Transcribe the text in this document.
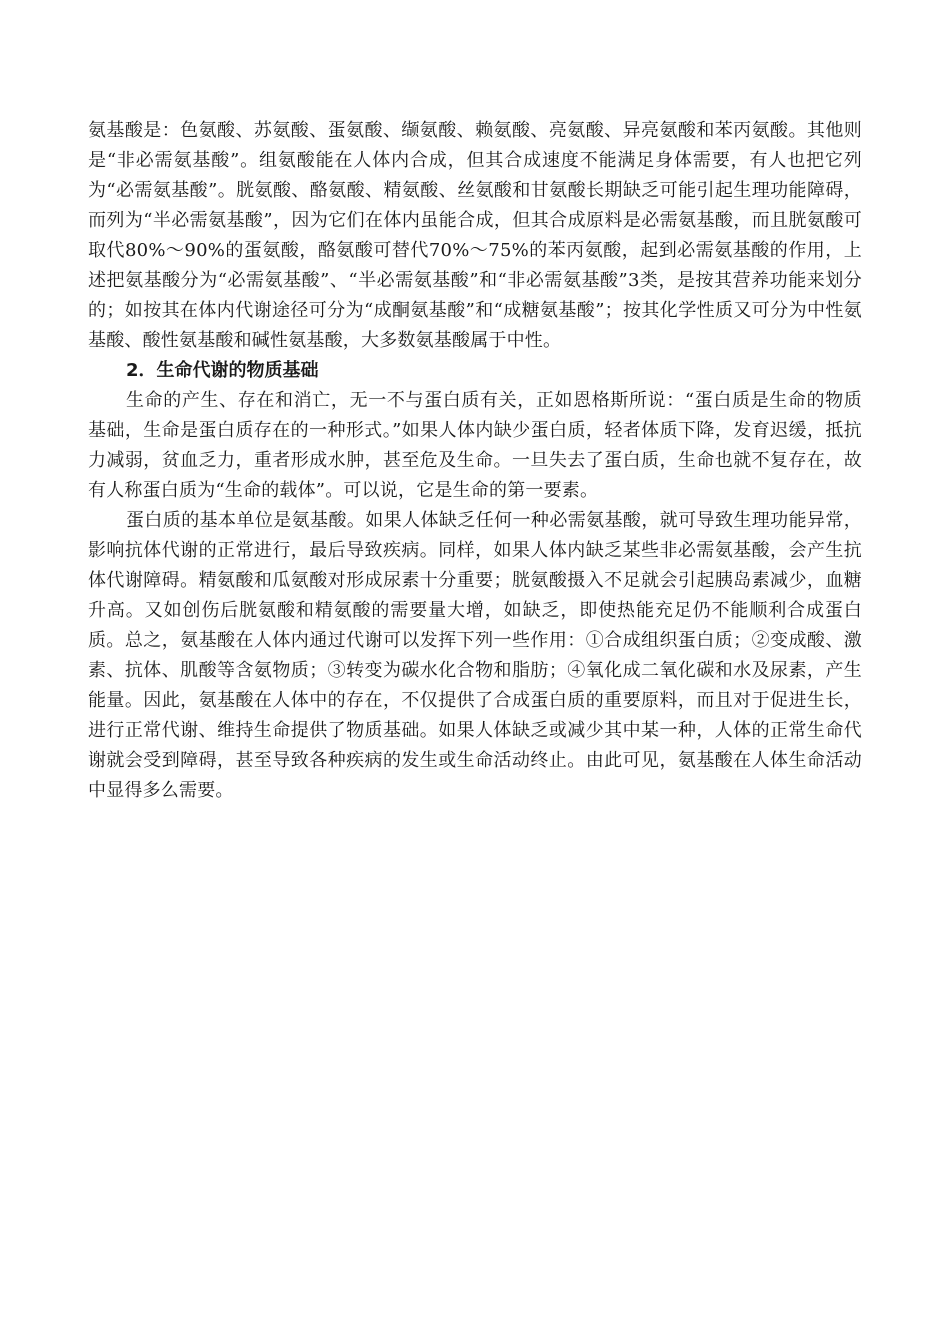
氨基酸是：色氨酸、苏氨酸、蛋氨酸、缬氨酸、赖氨酸、亮氨酸、异亮氨酸和苯丙氨酸。其他则是“非必需氨基酸”。组氨酸能在人体内合成，但其合成速度不能满足身体需要，有人也把它列为“必需氨基酸”。胱氨酸、酪氨酸、精氨酸、丝氨酸和甘氨酸长期缺乏可能引起生理功能障碍，而列为“半必需氨基酸”，因为它们在体内虽能合成，但其合成原料是必需氨基酸，而且胱氨酸可取代80%～90%的蛋氨酸，酪氨酸可替代70%～75%的苯丙氨酸，起到必需氨基酸的作用，上述把氨基酸分为“必需氨基酸”、“半必需氨基酸”和“非必需氨基酸”3类，是按其营养功能来划分的；如按其在体内代谢途径可分为“成酮氨基酸”和“成糖氨基酸”；按其化学性质又可分为中性氨基酸、酸性氨基酸和碱性氨基酸，大多数氨基酸属于中性。

2．生命代谢的物质基础

生命的产生、存在和消亡，无一不与蛋白质有关，正如恩格斯所说：“蛋白质是生命的物质基础，生命是蛋白质存在的一种形式。”如果人体内缺少蛋白质，轻者体质下降，发育迟缓，抵抗力减弱，贫血乏力，重者形成水肿，甚至危及生命。一旦失去了蛋白质，生命也就不复存在，故有人称蛋白质为“生命的载体”。可以说，它是生命的第一要素。

蛋白质的基本单位是氨基酸。如果人体缺乏任何一种必需氨基酸，就可导致生理功能异常，影响抗体代谢的正常进行，最后导致疾病。同样，如果人体内缺乏某些非必需氨基酸，会产生抗体代谢障碍。精氨酸和瓜氨酸对形成尿素十分重要；胱氨酸摄入不足就会引起胰岛素减少，血糖升高。又如创伤后胱氨酸和精氨酸的需要量大增，如缺乏，即使热能充足仍不能顺利合成蛋白质。总之，氨基酸在人体内通过代谢可以发挥下列一些作用：①合成组织蛋白质；②变成酸、激素、抗体、肌酸等含氨物质；③转变为碳水化合物和脂肪；④氧化成二氧化碳和水及尿素，产生能量。因此，氨基酸在人体中的存在，不仅提供了合成蛋白质的重要原料，而且对于促进生长，进行正常代谢、维持生命提供了物质基础。如果人体缺乏或减少其中某一种，人体的正常生命代谢就会受到障碍，甚至导致各种疾病的发生或生命活动终止。由此可见，氨基酸在人体生命活动中显得多么需要。
